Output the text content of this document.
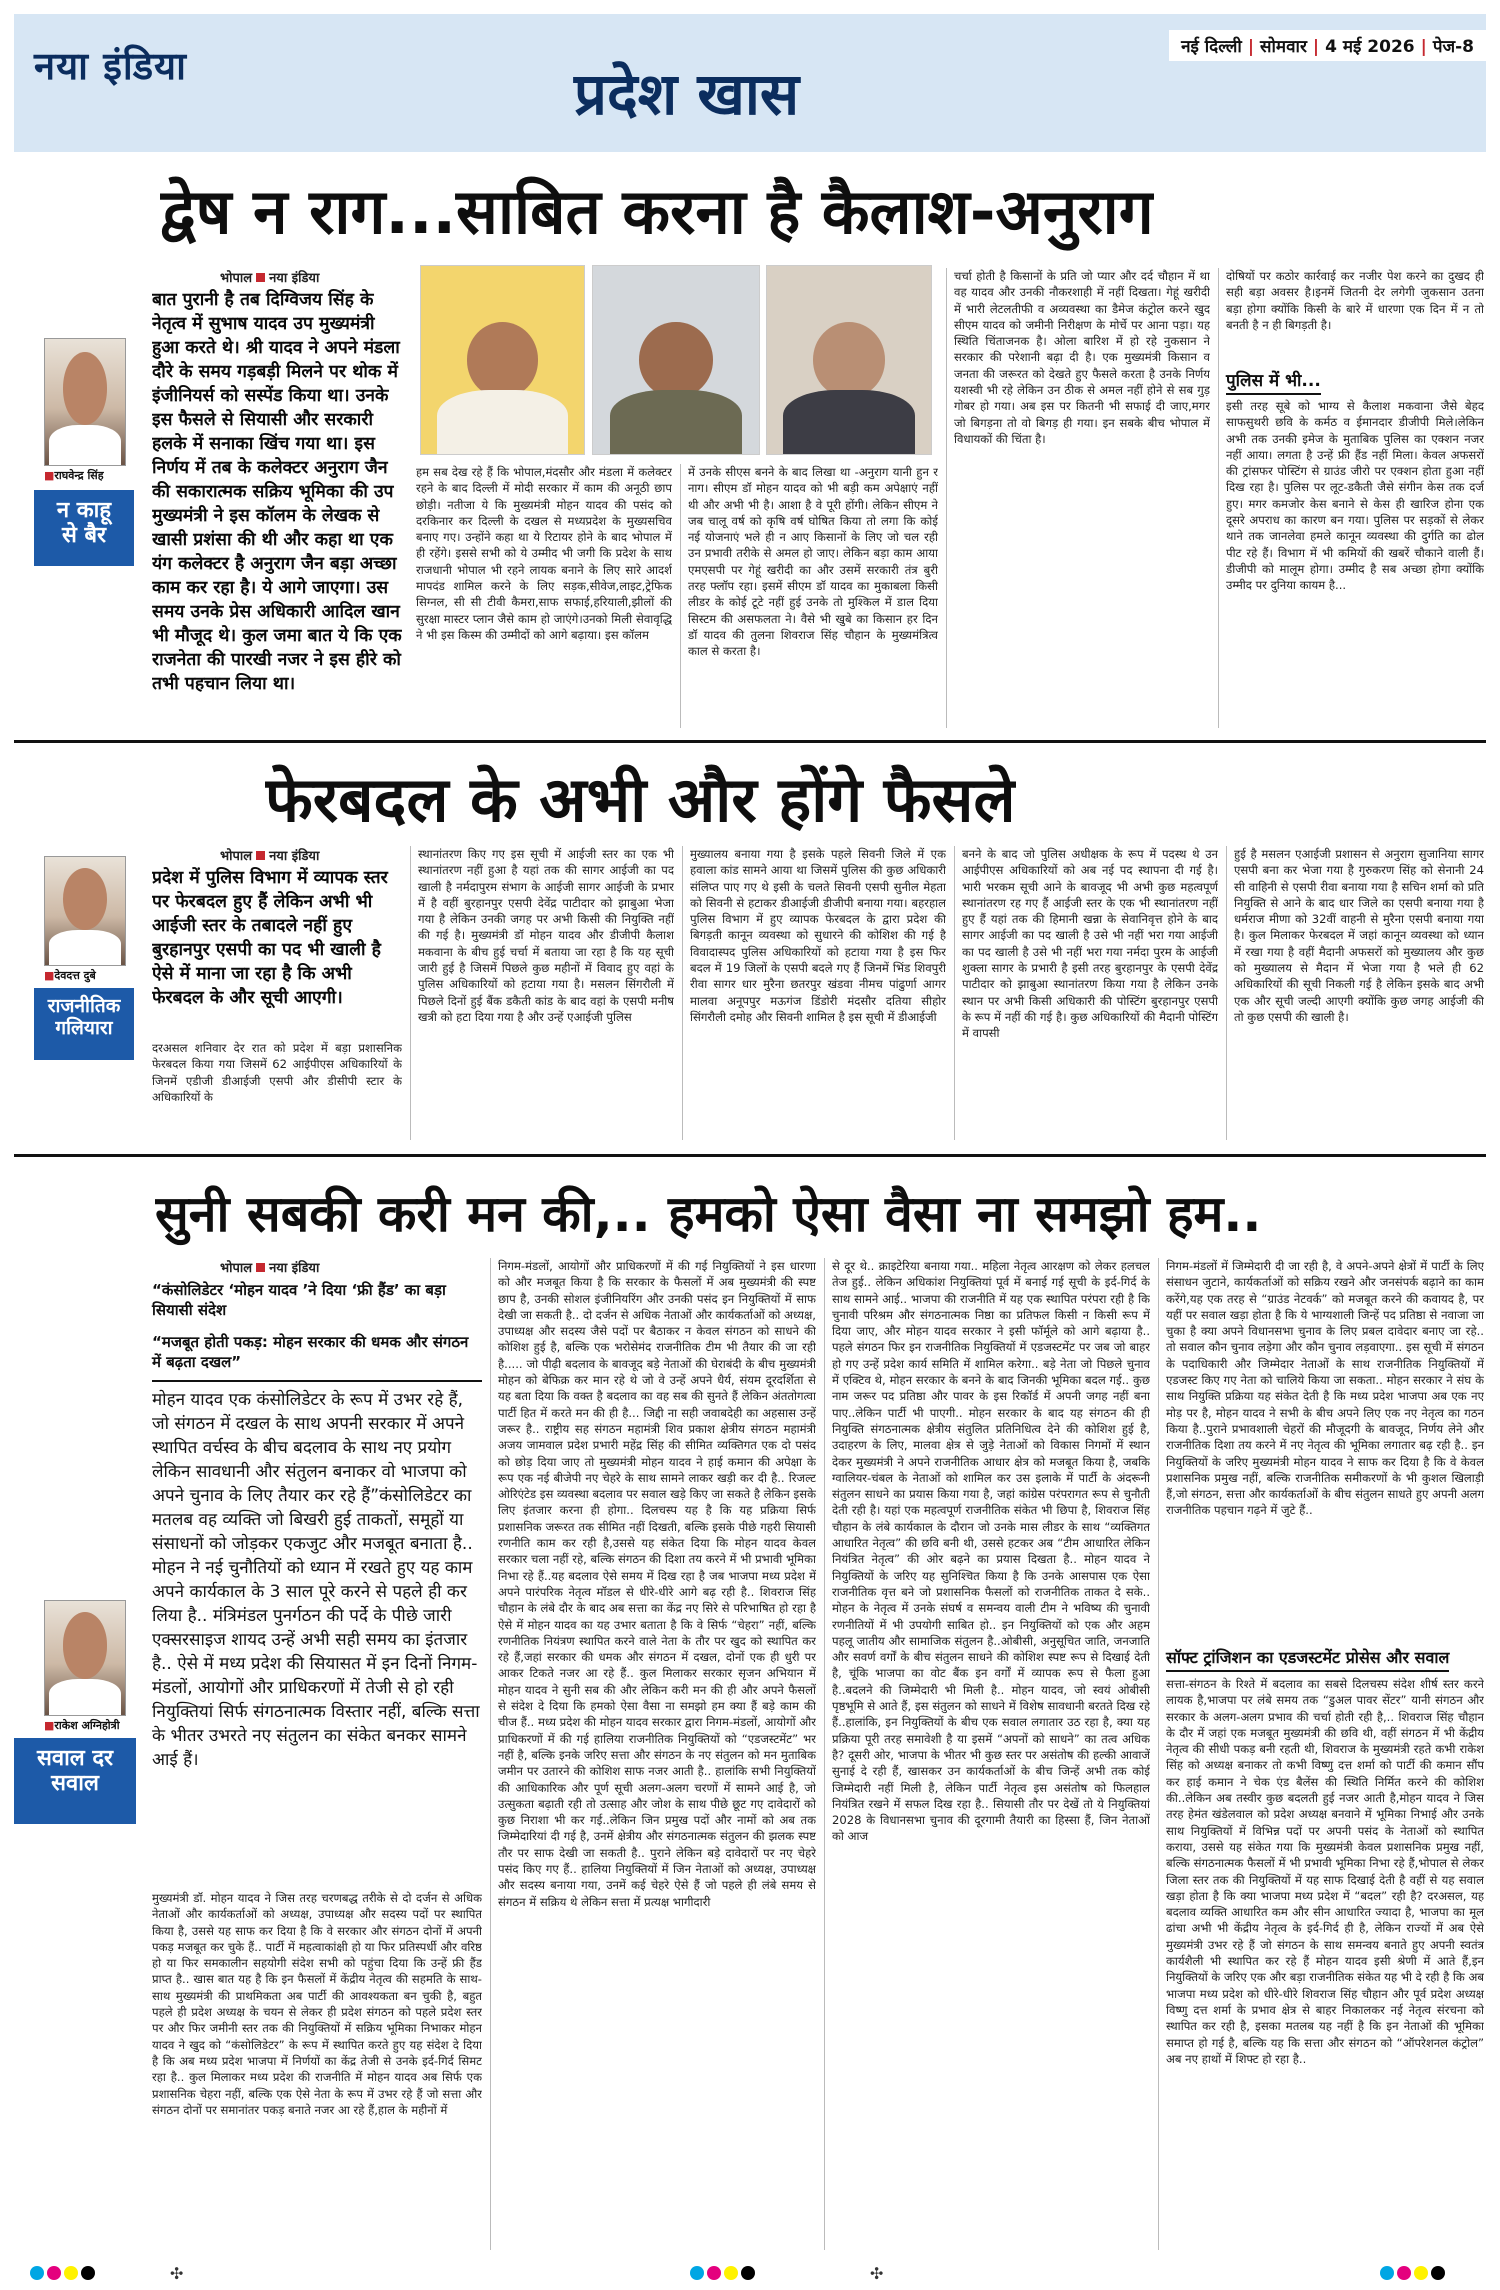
नया इंडिया	प्रदेश खास
नई दिल्ली | सोमवार | 4 मई 2026 | पेज-8
द्वेष न राग...साबित करना है कैलाश-अनुराग
भोपाल नया इंडिया
बात पुरानी है तब दिग्विजय सिंह के नेतृत्व में सुभाष यादव उप मुख्यमंत्री हुआ करते थे। श्री यादव ने अपने मंडला दौरे के समय गड़बड़ी मिलने पर थोक में इंजीनियर्स को सस्पेंड किया था। उनके इस फैसले से सियासी और सरकारी हलके में सनाका खिंच गया था। इस निर्णय में तब के कलेक्टर अनुराग जैन की सकारात्मक सक्रिय भूमिका की उप मुख्यमंत्री ने इस कॉलम के लेखक से खासी प्रशंसा की थी और कहा था एक यंग कलेक्टर है अनुराग जैन बड़ा अच्छा काम कर रहा है। ये आगे जाएगा। उस समय उनके प्रेस अधिकारी आदिल खान भी मौजूद थे। कुल जमा बात ये कि एक राजनेता की पारखी नजर ने इस हीरे को तभी पहचान लिया था।
■राघवेन्द्र सिंह
न काहू
से बैर
हम सब देख रहे हैं कि भोपाल,मंदसौर और मंडला में कलेक्टर रहने के बाद दिल्ली में मोदी सरकार में काम की अनूठी छाप छोड़ी। नतीजा ये कि मुख्यमंत्री मोहन यादव की पसंद को दरकिनार कर दिल्ली के दखल से मध्यप्रदेश के मुख्यसचिव बनाए गए। उन्होंने कहा था ये रिटायर होने के बाद भोपाल में ही रहेंगे। इससे सभी को ये उम्मीद भी जगी कि प्रदेश के साथ राजधानी भोपाल भी रहने लायक बनाने के लिए सारे आदर्श मापदंड शामिल करने के लिए सड़क,सीवेज,लाइट,ट्रेफिक सिग्नल, सी सी टीवी कैमरा,साफ सफाई,हरियाली,झीलों की सुरक्षा मास्टर प्लान जैसे काम हो जाएंगे।उनको मिली सेवावृद्धि ने भी इस किस्म की उम्मीदों को आगे बढ़ाया। इस कॉलम
में उनके सीएस बनने के बाद लिखा था -अनुराग यानी हुन र नाग। सीएम डॉ मोहन यादव को भी बड़ी कम अपेक्षाएं नहीं थी और अभी भी है। आशा है वे पूरी होंगी। लेकिन सीएम ने जब चालू वर्ष को कृषि वर्ष घोषित किया तो लगा कि कोई नई योजनाएं भले ही न आए किसानों के लिए जो चल रही उन प्रभावी तरीके से अमल हो जाए। लेकिन बड़ा काम आया एमएसपी पर गेहूं खरीदी का और उसमें सरकारी तंत्र बुरी तरह फ्लॉप रहा। इसमें सीएम डॉ यादव का मुकाबला किसी लीडर के कोई टूटे नहीं हुई उनके तो मुश्किल में डाल दिया सिस्टम की असफलता ने। वैसे भी खुबे का किसान हर दिन डॉ यादव की तुलना शिवराज सिंह चौहान के मुख्यमंत्रित्व काल से करता है।
चर्चा होती है किसानों के प्रति जो प्यार और दर्द चौहान में था वह यादव और उनकी नौकरशाही में नहीं दिखता। गेहूं खरीदी में भारी लेटलतीफी व अव्यवस्था का डैमेज कंट्रोल करने खुद सीएम यादव को जमीनी निरीक्षण के मोर्चे पर आना पड़ा। यह स्थिति चिंताजनक है। ओला बारिश में हो रहे नुकसान ने सरकार की परेशानी बढ़ा दी है। एक मुख्यमंत्री किसान व जनता की जरूरत को देखते हुए फैसले करता है उनके निर्णय यशस्वी भी रहे लेकिन उन ठीक से अमल नहीं होने से सब गुड़ गोबर हो गया। अब इस पर कितनी भी सफाई दी जाए,मगर जो बिगड़ना तो वो बिगड़ ही गया। इन सबके बीच भोपाल में विधायकों की चिंता है।
दोषियों पर कठोर कार्रवाई कर नजीर पेश करने का दुखद ही सही बड़ा अवसर है।इनमें जितनी देर लगेगी जुकसान उतना बड़ा होगा क्योंकि किसी के बारे में धारणा एक दिन में न तो बनती है न ही बिगड़ती है।
पुलिस में भी...
इसी तरह सूबे को भाग्य से कैलाश मकवाना जैसे बेहद साफसुथरी छवि के कर्मठ व ईमानदार डीजीपी मिले।लेकिन अभी तक उनकी इमेज के मुताबिक पुलिस का एक्शन नजर नहीं आया। लगता है उन्हें फ्री हैंड नहीं मिला। केवल अफसरों की ट्रांसफर पोस्टिंग से ग्राउंड जीरो पर एक्शन होता हुआ नहीं दिख रहा है। पुलिस पर लूट-डकैती जैसे संगीन केस तक दर्ज हुए। मगर कमजोर केस बनाने से केस ही खारिज होना एक दूसरे अपराध का कारण बन गया। पुलिस पर सड़कों से लेकर थाने तक जानलेवा हमले कानून व्यवस्था की दुर्गति का ढोल पीट रहे हैं। विभाग में भी कमियों की खबरें चौकाने वाली हैं। डीजीपी को मालूम होगा। उम्मीद है सब अच्छा होगा क्योंकि उम्मीद पर दुनिया कायम है...
फेरबदल के अभी और होंगे फैसले
भोपाल नया इंडिया
प्रदेश में पुलिस विभाग में व्यापक स्तर पर फेरबदल हुए हैं लेकिन अभी भी आईजी स्तर के तबादले नहीं हुए बुरहानपुर एसपी का पद भी खाली है ऐसे में माना जा रहा है कि अभी फेरबदल के और सूची आएगी।
■देवदत्त दुबे
राजनीतिक
गलियारा
दरअसल शनिवार देर रात को प्रदेश में बड़ा प्रशासनिक फेरबदल किया गया जिसमें 62 आईपीएस अधिकारियों के जिनमें एडीजी डीआईजी एसपी और डीसीपी स्टार के अधिकारियों के
स्थानांतरण किए गए इस सूची में आईजी स्तर का एक भी स्थानांतरण नहीं हुआ है यहां तक की सागर आईजी का पद खाली है नर्मदापुरम संभाग के आईजी सागर आईजी के प्रभार में है वहीं बुरहानपुर एसपी देवेंद्र पाटीदार को झाबुआ भेजा गया है लेकिन उनकी जगह पर अभी किसी की नियुक्ति नहीं की गई है। मुख्यमंत्री डॉ मोहन यादव और डीजीपी कैलाश मकवाना के बीच हुई चर्चा में बताया जा रहा है कि यह सूची जारी हुई है जिसमें पिछले कुछ महीनों में विवाद हुए वहां के पुलिस अधिकारियों को हटाया गया है। मसलन सिंगरौली में पिछले दिनों हुई बैंक डकैती कांड के बाद वहां के एसपी मनीष खत्री को हटा दिया गया है और उन्हें एआईजी पुलिस
मुख्यालय बनाया गया है इसके पहले सिवनी जिले में एक हवाला कांड सामने आया था जिसमें पुलिस की कुछ अधिकारी संलिप्त पाए गए थे इसी के चलते सिवनी एसपी सुनील मेहता को सिवनी से हटाकर डीआईजी डीजीपी बनाया गया। बहरहाल पुलिस विभाग में हुए व्यापक फेरबदल के द्वारा प्रदेश की बिगड़ती कानून व्यवस्था को सुधारने की कोशिश की गई है विवादास्पद पुलिस अधिकारियों को हटाया गया है इस फिर बदल में 19 जिलों के एसपी बदले गए हैं जिनमें भिंड शिवपुरी रीवा सागर धार मुरैना छतरपुर खंडवा नीमच पांढुर्णा आगर मालवा अनूपपुर मऊगंज डिंडोरी मंदसौर दतिया सीहोर सिंगरौली दमोह और सिवनी शामिल है इस सूची में डीआईजी
बनने के बाद जो पुलिस अधीक्षक के रूप में पदस्थ थे उन आईपीएस अधिकारियों को अब नई पद स्थापना दी गई है। भारी भरकम सूची आने के बावजूद भी अभी कुछ महत्वपूर्ण स्थानांतरण रह गए हैं आईजी स्तर के एक भी स्थानांतरण नहीं हुए हैं यहां तक की हिमानी खन्ना के सेवानिवृत्त होने के बाद सागर आईजी का पद खाली है उसे भी नहीं भरा गया आईजी का पद खाली है उसे भी नहीं भरा गया नर्मदा पुरम के आईजी शुक्ला सागर के प्रभारी है इसी तरह बुरहानपुर के एसपी देवेंद्र पाटीदार को झाबुआ स्थानांतरण किया गया है लेकिन उनके स्थान पर अभी किसी अधिकारी की पोस्टिंग बुरहानपुर एसपी के रूप में नहीं की गई है। कुछ अधिकारियों की मैदानी पोस्टिंग में वापसी
हुई है मसलन एआईजी प्रशासन से अनुराग सुजानिया सागर एसपी बना कर भेजा गया है गुरुकरण सिंह को सेनानी 24 सी वाहिनी से एसपी रीवा बनाया गया है सचिन शर्मा को प्रति नियुक्ति से आने के बाद धार जिले का एसपी बनाया गया है धर्मराज मीणा को 32वीं वाहनी से मुरैना एसपी बनाया गया है। कुल मिलाकर फेरबदल में जहां कानून व्यवस्था को ध्यान में रखा गया है वहीं मैदानी अफसरों को मुख्यालय और कुछ को मुख्यालय से मैदान में भेजा गया है भले ही 62 अधिकारियों की सूची निकली गई है लेकिन इसके बाद अभी एक और सूची जल्दी आएगी क्योंकि कुछ जगह आईजी की तो कुछ एसपी की खाली है।
सुनी सबकी करी मन की,.. हमको ऐसा वैसा ना समझो हम..
भोपाल नया इंडिया
“कंसोलिडेटर ‘मोहन यादव ’ने दिया ‘फ्री हैंड’ का बड़ा सियासी संदेश
“मजबूत होती पकड़: मोहन सरकार की धमक और संगठन में बढ़ता दखल”
मोहन यादव एक कंसोलिडेटर के रूप में उभर रहे हैं, जो संगठन में दखल के साथ अपनी सरकार में अपने स्थापित वर्चस्व के बीच बदलाव के साथ नए प्रयोग लेकिन सावधानी और संतुलन बनाकर वो भाजपा को अपने चुनाव के लिए तैयार कर रहे हैं”कंसोलिडेटर का मतलब वह व्यक्ति जो बिखरी हुई ताकतों, समूहों या संसाधनों को जोड़कर एकजुट और मजबूत बनाता है.. मोहन ने नई चुनौतियों को ध्यान में रखते हुए यह काम अपने कार्यकाल के 3 साल पूरे करने से पहले ही कर लिया है.. मंत्रिमंडल पुनर्गठन की पर्दे के पीछे जारी एक्सरसाइज शायद उन्हें अभी सही समय का इंतजार है.. ऐसे में मध्य प्रदेश की सियासत में इन दिनों निगम-मंडलों, आयोगों और प्राधिकरणों में तेजी से हो रही नियुक्तियां सिर्फ संगठनात्मक विस्तार नहीं, बल्कि सत्ता के भीतर उभरते नए संतुलन का संकेत बनकर सामने आई हैं।
■राकेश अग्निहोत्री
सवाल दर
सवाल
मुख्यमंत्री डॉ. मोहन यादव ने जिस तरह चरणबद्ध तरीके से दो दर्जन से अधिक नेताओं और कार्यकर्ताओं को अध्यक्ष, उपाध्यक्ष और सदस्य पदों पर स्थापित किया है, उससे यह साफ कर दिया है कि वे सरकार और संगठन दोनों में अपनी पकड़ मजबूत कर चुके हैं.. पार्टी में महत्वाकांक्षी हो या फिर प्रतिस्पर्धी और वरिष्ठ हो या फिर समकालीन सहयोगी संदेश सभी को पहुंचा दिया कि उन्हें फ्री हैंड प्राप्त है.. खास बात यह है कि इन फैसलों में केंद्रीय नेतृत्व की सहमति के साथ-साथ मुख्यमंत्री की प्राथमिकता अब पार्टी की आवश्यकता बन चुकी है, बहुत पहले ही प्रदेश अध्यक्ष के चयन से लेकर ही प्रदेश संगठन को पहले प्रदेश स्तर पर और फिर जमीनी स्तर तक की नियुक्तियों में सक्रिय भूमिका निभाकर मोहन यादव ने खुद को “कंसोलिडेटर” के रूप में स्थापित करते हुए यह संदेश दे दिया है कि अब मध्य प्रदेश भाजपा में निर्णयों का केंद्र तेजी से उनके इर्द-गिर्द सिमट रहा है.. कुल मिलाकर मध्य प्रदेश की राजनीति में मोहन यादव अब सिर्फ एक प्रशासनिक चेहरा नहीं, बल्कि एक ऐसे नेता के रूप में उभर रहे हैं जो सत्ता और संगठन दोनों पर समानांतर पकड़ बनाते नजर आ रहे हैं,हाल के महीनों में
निगम-मंडलों, आयोगों और प्राधिकरणों में की गई नियुक्तियों ने इस धारणा को और मजबूत किया है कि सरकार के फैसलों में अब मुख्यमंत्री की स्पष्ट छाप है, उनकी सोशल इंजीनियरिंग और उनकी पसंद इन नियुक्तियों में साफ देखी जा सकती है.. दो दर्जन से अधिक नेताओं और कार्यकर्ताओं को अध्यक्ष, उपाध्यक्ष और सदस्य जैसे पदों पर बैठाकर न केवल संगठन को साधने की कोशिश हुई है, बल्कि एक भरोसेमंद राजनीतिक टीम भी तैयार की जा रही है..... जो पीढ़ी बदलाव के बावजूद बड़े नेताओं की घेराबंदी के बीच मुख्यमंत्री मोहन को बेफिक्र कर मान रहे थे जो वे उन्हें अपने धैर्य, संयम दूरदर्शिता से यह बता दिया कि वक्त है बदलाव का वह सब की सुनते हैं लेकिन अंततोगत्वा पार्टी हित में करते मन की ही है... जिद्दी ना सही जवाबदेही का अहसास उन्हें जरूर है.. राष्ट्रीय सह संगठन महामंत्री शिव प्रकाश क्षेत्रीय संगठन महामंत्री अजय जामवाल प्रदेश प्रभारी महेंद्र सिंह की सीमित व्यक्तिगत एक दो पसंद को छोड़ दिया जाए तो मुख्यमंत्री मोहन यादव ने हाई कमान की अपेक्षा के रूप एक नई बीजेपी नए चेहरे के साथ सामने लाकर खड़ी कर दी है.. रिजल्ट ओरिएंटेड इस व्यवस्था बदलाव पर सवाल खड़े किए जा सकते है लेकिन इसके लिए इंतजार करना ही होगा.. दिलचस्प यह है कि यह प्रक्रिया सिर्फ प्रशासनिक जरूरत तक सीमित नहीं दिखती, बल्कि इसके पीछे गहरी सियासी रणनीति काम कर रही है,उससे यह संकेत दिया कि मोहन यादव केवल सरकार चला नहीं रहे, बल्कि संगठन की दिशा तय करने में भी प्रभावी भूमिका निभा रहे हैं..यह बदलाव ऐसे समय में दिख रहा है जब भाजपा मध्य प्रदेश में अपने पारंपरिक नेतृत्व मॉडल से धीरे-धीरे आगे बढ़ रही है.. शिवराज सिंह चौहान के लंबे दौर के बाद अब सत्ता का केंद्र नए सिरे से परिभाषित हो रहा है ऐसे में मोहन यादव का यह उभार बताता है कि वे सिर्फ “चेहरा” नहीं, बल्कि रणनीतिक नियंत्रण स्थापित करने वाले नेता के तौर पर खुद को स्थापित कर रहे हैं,जहां सरकार की धमक और संगठन में दखल, दोनों एक ही धुरी पर आकर टिकते नजर आ रहे हैं.. कुल मिलाकर सरकार सृजन अभियान में मोहन यादव ने सुनी सब की और लेकिन करी मन की ही और अपने फैसलों से संदेश दे दिया कि हमको ऐसा वैसा ना समझो हम क्या हैं बड़े काम की चीज हैं.. मध्य प्रदेश की मोहन यादव सरकार द्वारा निगम-मंडलों, आयोगों और प्राधिकरणों में की गई हालिया राजनीतिक नियुक्तियों को “एडजस्टमेंट” भर नहीं है, बल्कि इनके जरिए सत्ता और संगठन के नए संतुलन को मन मुताबिक जमीन पर उतारने की कोशिश साफ नजर आती है.. हालांकि सभी नियुक्तियों की आधिकारिक और पूर्ण सूची अलग-अलग चरणों में सामने आई है, जो उत्सुकता बढ़ाती रही तो उत्साह और जोश के साथ पीछे छूट गए दावेदारों को कुछ निराशा भी कर गई..लेकिन जिन प्रमुख पदों और नामों को अब तक जिम्मेदारियां दी गई है, उनमें क्षेत्रीय और संगठनात्मक संतुलन की झलक स्पष्ट तौर पर साफ देखी जा सकती है.. पुराने लेकिन बड़े दावेदारों पर नए चेहरे पसंद किए गए हैं.. हालिया नियुक्तियों में जिन नेताओं को अध्यक्ष, उपाध्यक्ष और सदस्य बनाया गया, उनमें कई चेहरे ऐसे हैं जो पहले ही लंबे समय से संगठन में सक्रिय थे लेकिन सत्ता में प्रत्यक्ष भागीदारी
से दूर थे.. क्राइटेरिया बनाया गया.. महिला नेतृत्व आरक्षण को लेकर हलचल तेज हुई.. लेकिन अधिकांश नियुक्तियां पूर्व में बनाई गई सूची के इर्द-गिर्द के साथ सामने आई.. भाजपा की राजनीति में यह एक स्थापित परंपरा रही है कि चुनावी परिश्रम और संगठनात्मक निष्ठा का प्रतिफल किसी न किसी रूप में दिया जाए, और मोहन यादव सरकार ने इसी फॉर्मूले को आगे बढ़ाया है.. पहले संगठन फिर इन राजनीतिक नियुक्तियों में एडजस्टमेंट पर जब जो बाहर हो गए उन्हें प्रदेश कार्य समिति में शामिल करेगा.. बड़े नेता जो पिछले चुनाव में एक्टिव थे, मोहन सरकार के बनने के बाद जिनकी भूमिका बदल गई.. कुछ नाम जरूर पद प्रतिष्ठा और पावर के इस रिकॉर्ड में अपनी जगह नहीं बना पाए..लेकिन पार्टी भी पाएगी.. मोहन सरकार के बाद यह संगठन की ही नियुक्ति संगठनात्मक क्षेत्रीय संतुलित प्रतिनिधित्व देने की कोशिश हुई है, उदाहरण के लिए, मालवा क्षेत्र से जुड़े नेताओं को विकास निगमों में स्थान देकर मुख्यमंत्री ने अपने राजनीतिक आधार क्षेत्र को मजबूत किया है, जबकि ग्वालियर-चंबल के नेताओं को शामिल कर उस इलाके में पार्टी के अंदरूनी संतुलन साधने का प्रयास किया गया है, जहां कांग्रेस परंपरागत रूप से चुनौती देती रही है। यहां एक महत्वपूर्ण राजनीतिक संकेत भी छिपा है, शिवराज सिंह चौहान के लंबे कार्यकाल के दौरान जो उनके मास लीडर के साथ “व्यक्तिगत आधारित नेतृत्व” की छवि बनी थी, उससे हटकर अब “टीम आधारित लेकिन नियंत्रित नेतृत्व” की ओर बढ़ने का प्रयास दिखता है.. मोहन यादव ने नियुक्तियों के जरिए यह सुनिश्चित किया है कि उनके आसपास एक ऐसा राजनीतिक वृत्त बने जो प्रशासनिक फैसलों को राजनीतिक ताकत दे सके.. मोहन के नेतृत्व में उनके संघर्ष व समन्वय वाली टीम ने भविष्य की चुनावी रणनीतियों में भी उपयोगी साबित हो.. इन नियुक्तियों को एक और अहम पहलू जातीय और सामाजिक संतुलन है..ओबीसी, अनुसूचित जाति, जनजाति और सवर्ण वर्गों के बीच संतुलन साधने की कोशिश स्पष्ट रूप से दिखाई देती है, चूंकि भाजपा का वोट बैंक इन वर्गों में व्यापक रूप से फैला हुआ है..बदलने की जिम्मेदारी भी मिली है.. मोहन यादव, जो स्वयं ओबीसी पृष्ठभूमि से आते हैं, इस संतुलन को साधने में विशेष सावधानी बरतते दिख रहे हैं..हालांकि, इन नियुक्तियों के बीच एक सवाल लगातार उठ रहा है, क्या यह प्रक्रिया पूरी तरह समावेशी है या इसमें “अपनों को साधने” का तत्व अधिक है? दूसरी ओर, भाजपा के भीतर भी कुछ स्तर पर असंतोष की हल्की आवाजें सुनाई दे रही हैं, खासकर उन कार्यकर्ताओं के बीच जिन्हें अभी तक कोई जिम्मेदारी नहीं मिली है, लेकिन पार्टी नेतृत्व इस असंतोष को फिलहाल नियंत्रित रखने में सफल दिख रहा है.. सियासी तौर पर देखें तो ये नियुक्तियां 2028 के विधानसभा चुनाव की दूरगामी तैयारी का हिस्सा हैं, जिन नेताओं को आज
निगम-मंडलों में जिम्मेदारी दी जा रही है, वे अपने-अपने क्षेत्रों में पार्टी के लिए संसाधन जुटाने, कार्यकर्ताओं को सक्रिय रखने और जनसंपर्क बढ़ाने का काम करेंगे,यह एक तरह से “ग्राउंड नेटवर्क” को मजबूत करने की कवायद है, पर यहीं पर सवाल खड़ा होता है कि ये भाग्यशाली जिन्हें पद प्रतिष्ठा से नवाजा जा चुका है क्या अपने विधानसभा चुनाव के लिए प्रबल दावेदार बनाए जा रहे.. तो सवाल कौन चुनाव लड़ेगा और कौन चुनाव लड़वाएगा.. इस सूची में संगठन के पदाधिकारी और जिम्मेदार नेताओं के साथ राजनीतिक नियुक्तियों में एडजस्ट किए गए नेता को चालिये किया जा सकता.. मोहन सरकार ने संघ के साथ नियुक्ति प्रक्रिया यह संकेत देती है कि मध्य प्रदेश भाजपा अब एक नए मोड़ पर है, मोहन यादव ने सभी के बीच अपने लिए एक नए नेतृत्व का गठन किया है..पुराने प्रभावशाली चेहरों की मौजूदगी के बावजूद, निर्णय लेने और राजनीतिक दिशा तय करने में नए नेतृत्व की भूमिका लगातार बढ़ रही है.. इन नियुक्तियों के जरिए मुख्यमंत्री मोहन यादव ने साफ कर दिया है कि वे केवल प्रशासनिक प्रमुख नहीं, बल्कि राजनीतिक समीकरणों के भी कुशल खिलाड़ी हैं,जो संगठन, सत्ता और कार्यकर्ताओं के बीच संतुलन साधते हुए अपनी अलग राजनीतिक पहचान गढ़ने में जुटे हैं..
सॉफ्ट ट्रांजिशन का एडजस्टमेंट प्रोसेस और सवाल
सत्ता-संगठन के रिश्ते में बदलाव का सबसे दिलचस्प संदेश शीर्ष स्तर करने लायक है,भाजपा पर लंबे समय तक “डुअल पावर सेंटर” यानी संगठन और सरकार के अलग-अलग प्रभाव की चर्चा होती रही है,.. शिवराज सिंह चौहान के दौर में जहां एक मजबूत मुख्यमंत्री की छवि थी, वहीं संगठन में भी केंद्रीय नेतृत्व की सीधी पकड़ बनी रहती थी, शिवराज के मुख्यमंत्री रहते कभी राकेश सिंह को अध्यक्ष बनाकर तो कभी विष्णु दत्त शर्मा को पार्टी की कमान सौंप कर हाई कमान ने चेक एंड बैलेंस की स्थिति निर्मित करने की कोशिश की..लेकिन अब तस्वीर कुछ बदलती हुई नजर आती है,मोहन यादव ने जिस तरह हेमंत खंडेलवाल को प्रदेश अध्यक्ष बनवाने में भूमिका निभाई और उनके साथ नियुक्तियों में विभिन्न पदों पर अपनी पसंद के नेताओं को स्थापित कराया, उससे यह संकेत गया कि मुख्यमंत्री केवल प्रशासनिक प्रमुख नहीं, बल्कि संगठनात्मक फैसलों में भी प्रभावी भूमिका निभा रहे हैं,भोपाल से लेकर जिला स्तर तक की नियुक्तियों में यह साफ दिखाई देती है वहीं से यह सवाल खड़ा होता है कि क्या भाजपा मध्य प्रदेश में “बदल” रही है? दरअसल, यह बदलाव व्यक्ति आधारित कम और सीन आधारित ज्यादा है, भाजपा का मूल ढांचा अभी भी केंद्रीय नेतृत्व के इर्द-गिर्द ही है, लेकिन राज्यों में अब ऐसे मुख्यमंत्री उभर रहे हैं जो संगठन के साथ समन्वय बनाते हुए अपनी स्वतंत्र कार्यशैली भी स्थापित कर रहे हैं मोहन यादव इसी श्रेणी में आते हैं,इन नियुक्तियों के जरिए एक और बड़ा राजनीतिक संकेत यह भी दे रही है कि अब भाजपा मध्य प्रदेश को धीरे-धीरे शिवराज सिंह चौहान और पूर्व प्रदेश अध्यक्ष विष्णु दत्त शर्मा के प्रभाव क्षेत्र से बाहर निकालकर नई नेतृत्व संरचना को स्थापित कर रही है, इसका मतलब यह नहीं है कि इन नेताओं की भूमिका समाप्त हो गई है, बल्कि यह कि सत्ता और संगठन को “ऑपरेशनल कंट्रोल” अब नए हाथों में शिफ्ट हो रहा है..
✣	✣
